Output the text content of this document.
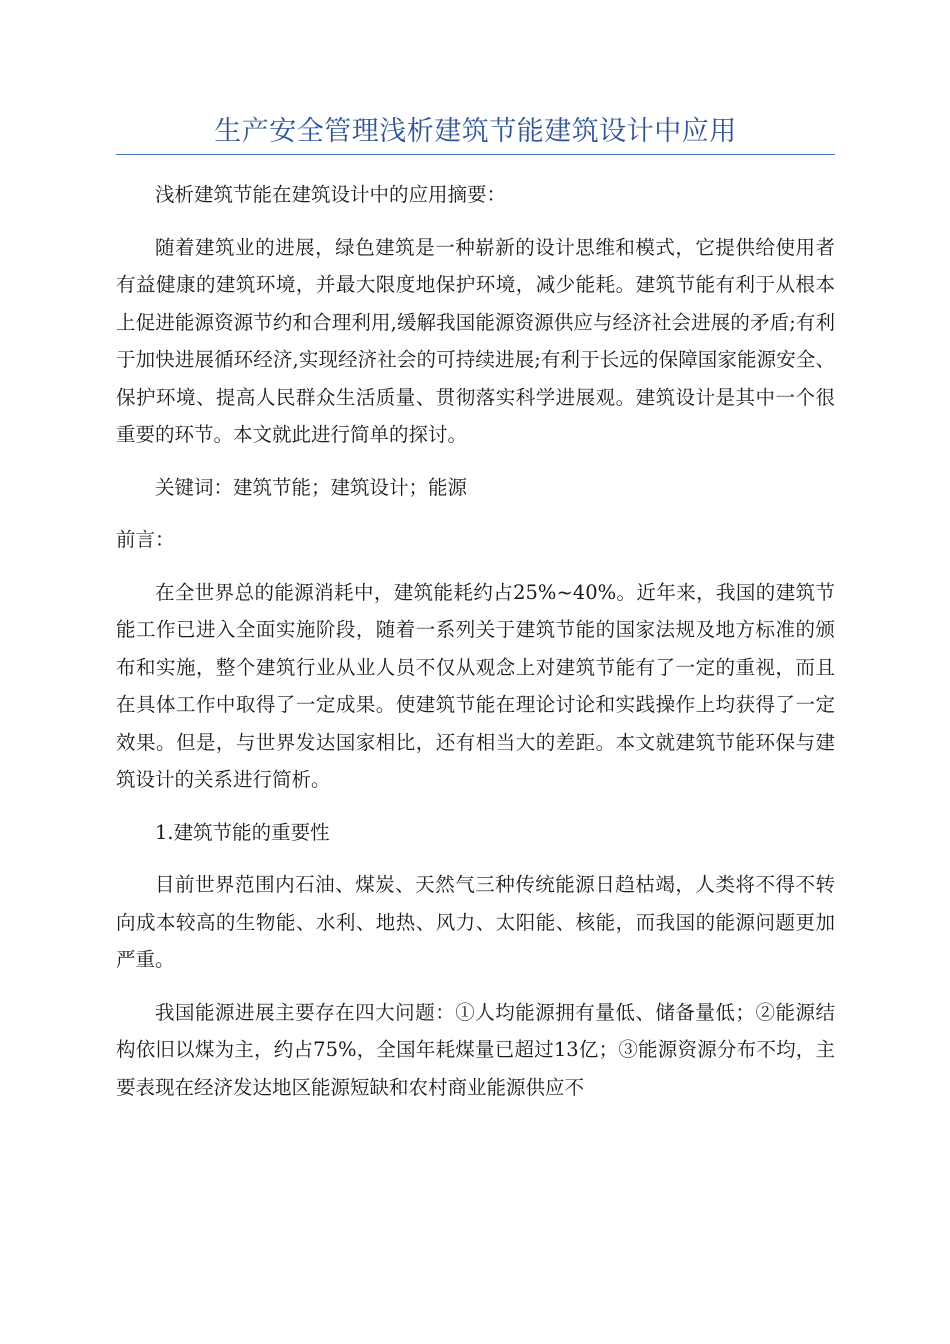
生产安全管理浅析建筑节能建筑设计中应用

浅析建筑节能在建筑设计中的应用摘要：

随着建筑业的进展，绿色建筑是一种崭新的设计思维和模式，它提供给使用者有益健康的建筑环境，并最大限度地保护环境，减少能耗。建筑节能有利于从根本上促进能源资源节约和合理利用,缓解我国能源资源供应与经济社会进展的矛盾;有利于加快进展循环经济,实现经济社会的可持续进展;有利于长远的保障国家能源安全、保护环境、提高人民群众生活质量、贯彻落实科学进展观。建筑设计是其中一个很重要的环节。本文就此进行简单的探讨。

关键词：建筑节能；建筑设计；能源

前言：

在全世界总的能源消耗中，建筑能耗约占25%~40%。近年来，我国的建筑节能工作已进入全面实施阶段，随着一系列关于建筑节能的国家法规及地方标准的颁布和实施，整个建筑行业从业人员不仅从观念上对建筑节能有了一定的重视，而且在具体工作中取得了一定成果。使建筑节能在理论讨论和实践操作上均获得了一定效果。但是，与世界发达国家相比，还有相当大的差距。本文就建筑节能环保与建筑设计的关系进行简析。

1.建筑节能的重要性

目前世界范围内石油、煤炭、天然气三种传统能源日趋枯竭，人类将不得不转向成本较高的生物能、水利、地热、风力、太阳能、核能，而我国的能源问题更加严重。

我国能源进展主要存在四大问题：①人均能源拥有量低、储备量低；②能源结构依旧以煤为主，约占75%，全国年耗煤量已超过13亿；③能源资源分布不均，主要表现在经济发达地区能源短缺和农村商业能源供应不
